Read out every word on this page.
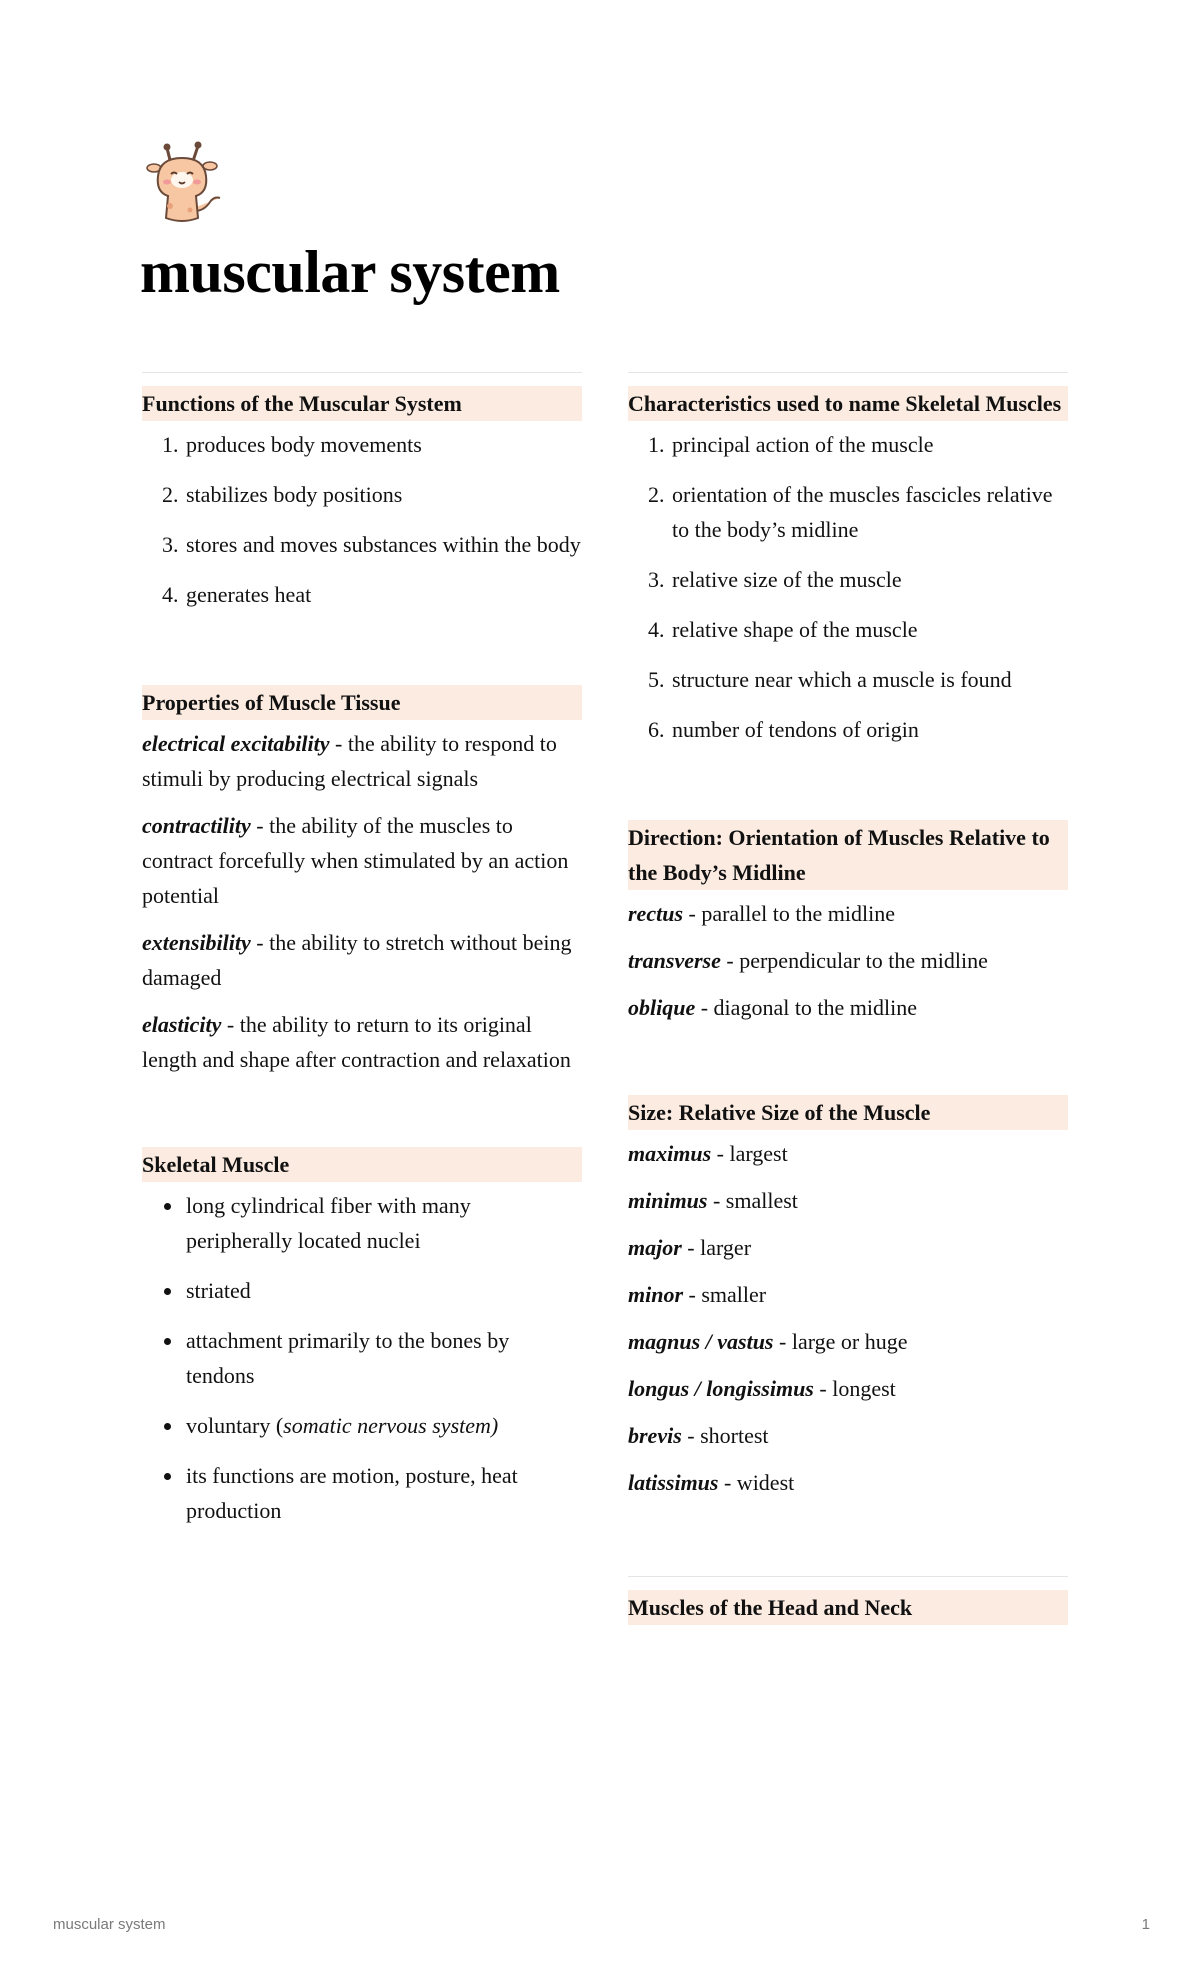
muscular system
Functions of the Muscular System
1. produces body movements
2. stabilizes body positions
3. stores and moves substances within the body
4. generates heat
Properties of Muscle Tissue

electrical excitability - the ability to respond to stimuli by producing electrical signals

contractility - the ability of the muscles to contract forcefully when stimulated by an action potential

extensibility - the ability to stretch without being damaged

elasticity - the ability to return to its original length and shape after contraction and relaxation

Skeletal Muscle
• long cylindrical fiber with many peripherally located nuclei
• striated
• attachment primarily to the bones by tendons
• voluntary (somatic nervous system)
• its functions are motion, posture, heat production
Characteristics used to name Skeletal Muscles
1. principal action of the muscle
2. orientation of the muscles fascicles relative to the body’s midline
3. relative size of the muscle
4. relative shape of the muscle
5. structure near which a muscle is found
6. number of tendons of origin
Direction: Orientation of Muscles Relative to the Body’s Midline

rectus - parallel to the midline

transverse - perpendicular to the midline

oblique - diagonal to the midline

Size: Relative Size of the Muscle

maximus - largest

minimus - smallest

major - larger

minor - smaller

magnus / vastus - large or huge

longus / longissimus - longest

brevis - shortest

latissimus - widest

Muscles of the Head and Neck
muscular system	1
